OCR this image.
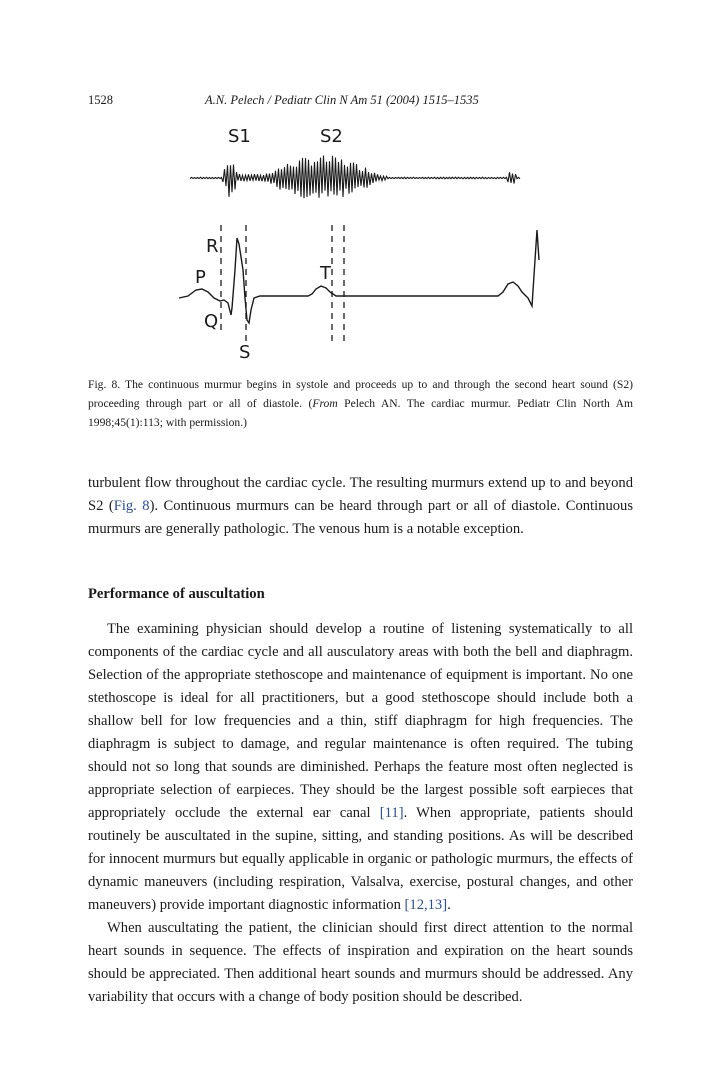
1528	A.N. Pelech / Pediatr Clin N Am 51 (2004) 1515–1535
S1	S2
R
P	T
Q
S
Fig. 8. The continuous murmur begins in systole and proceeds up to and through the second heart sound (S2) proceeding through part or all of diastole. (From Pelech AN. The cardiac murmur. Pediatr Clin North Am 1998;45(1):113; with permission.)

turbulent flow throughout the cardiac cycle. The resulting murmurs extend up to and beyond S2 (Fig. 8). Continuous murmurs can be heard through part or all of diastole. Continuous murmurs are generally pathologic. The venous hum is a notable exception.

Performance of auscultation

The examining physician should develop a routine of listening systematically to all components of the cardiac cycle and all ausculatory areas with both the bell and diaphragm. Selection of the appropriate stethoscope and maintenance of equipment is important. No one stethoscope is ideal for all practitioners, but a good stethoscope should include both a shallow bell for low frequencies and a thin, stiff diaphragm for high frequencies. The diaphragm is subject to damage, and regular maintenance is often required. The tubing should not so long that sounds are diminished. Perhaps the feature most often neglected is appropriate selection of earpieces. They should be the largest possible soft earpieces that appropriately occlude the external ear canal [11]. When appropriate, patients should routinely be auscultated in the supine, sitting, and standing positions. As will be described for innocent murmurs but equally applicable in organic or pathologic murmurs, the effects of dynamic maneuvers (including respiration, Valsalva, exercise, postural changes, and other maneuvers) provide important diagnostic information [12,13].

When auscultating the patient, the clinician should first direct attention to the normal heart sounds in sequence. The effects of inspiration and expiration on the heart sounds should be appreciated. Then additional heart sounds and murmurs should be addressed. Any variability that occurs with a change of body position should be described.
